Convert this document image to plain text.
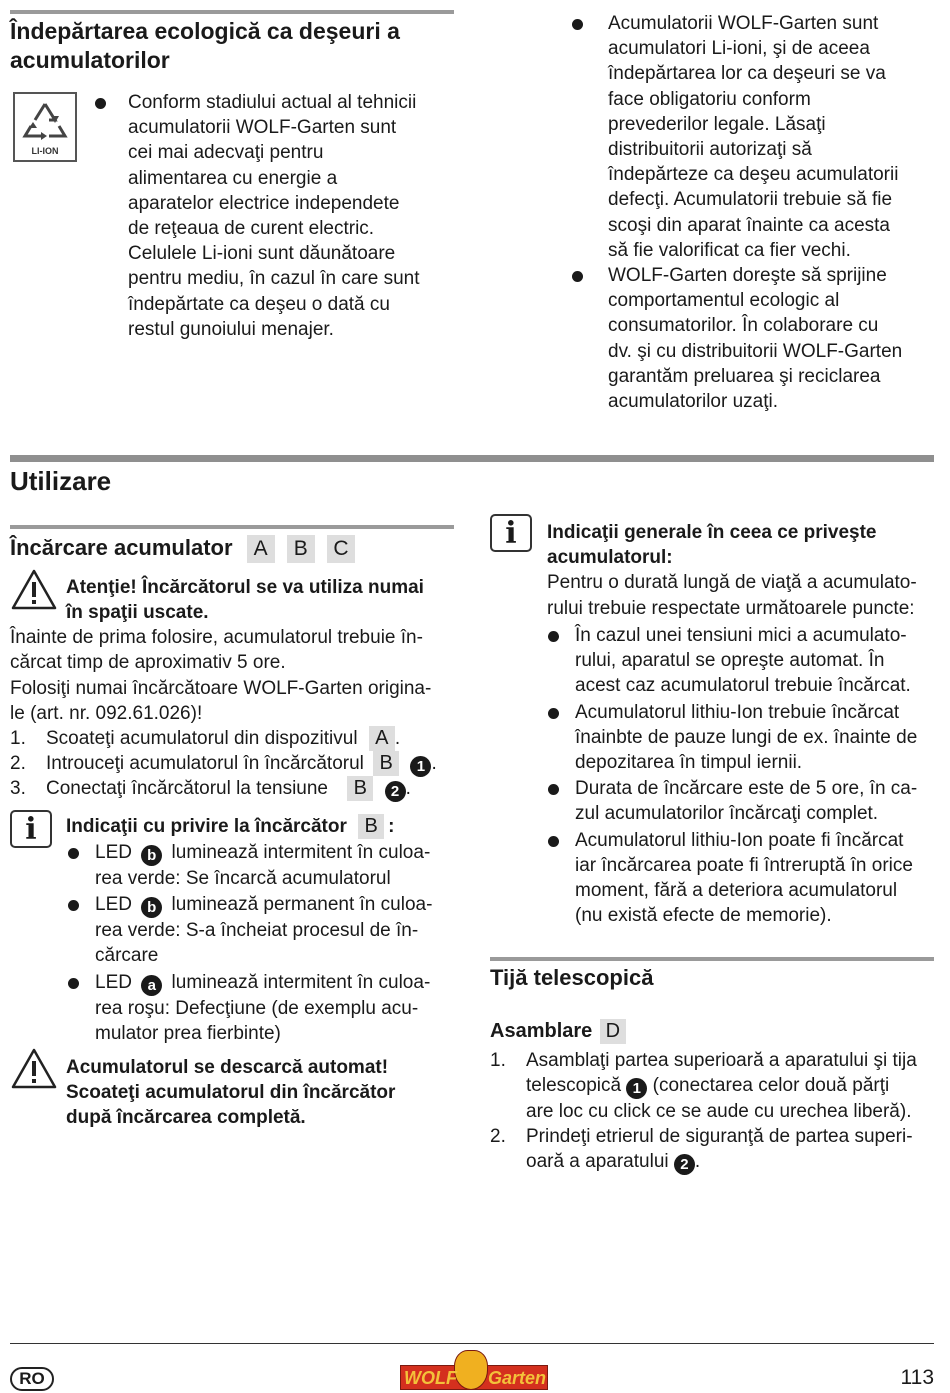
Îndepărtarea ecologică ca deşeuri a
acumulatorilor
LI-ION
Conform stadiului actual al tehnicii
acumulatorii WOLF-Garten sunt
cei mai adecvaţi pentru
alimentarea cu energie a
aparatelor electrice independete
de reţeaua de curent electric.
Celulele Li-ioni sunt dăunătoare
pentru mediu, în cazul în care sunt
îndepărtate ca deşeu o dată cu
restul gunoiului menajer.
Acumulatorii WOLF-Garten sunt
acumulatori Li-ioni, şi de aceea
îndepărtarea lor ca deşeuri se va
face obligatoriu conform
prevederilor legale. Lăsaţi
distribuitorii autorizaţi să
îndepărteze ca deşeu acumulatorii
defecţi. Acumulatorii trebuie să fie
scoşi din aparat înainte ca acesta
să fie valorificat ca fier vechi.
WOLF-Garten doreşte să sprijine
comportamentul ecologic al
consumatorilor. În colaborare cu
dv. şi cu distribuitorii WOLF-Garten
garantăm preluarea şi reciclarea
acumulatorilor uzaţi.
Utilizare
Încărcare acumulator A B C
Atenţie! Încărcătorul se va utiliza numai
în spaţii uscate.
Înainte de prima folosire, acumulatorul trebuie în-
cărcat timp de aproximativ 5 ore.
Folosiţi numai încărcătoare WOLF-Garten origina-
le (art. nr. 092.61.026)!
1. Scoateţi acumulatorul din dispozitivul A .
2. Introuceţi acumulatorul în încărcătorul B 1 .
3. Conectaţi încărcătorul la tensiune B 2 .
i	Indicaţii cu privire la încărcător B :
LED b luminează intermitent în culoa-
rea verde: Se încarcă acumulatorul
LED b luminează permanent în culoa-
rea verde: S-a încheiat procesul de în-
cărcare
LED a luminează intermitent în culoa-
rea roşu: Defecţiune (de exemplu acu-
mulator prea fierbinte)
Acumulatorul se descarcă automat!
Scoateţi acumulatorul din încărcător
după încărcarea completă.
i	Indicaţii generale în ceea ce priveşte
acumulatorul:
Pentru o durată lungă de viaţă a acumulato-
rului trebuie respectate următoarele puncte:
În cazul unei tensiuni mici a acumulato-
rului, aparatul se opreşte automat. În
acest caz acumulatorul trebuie încărcat.
Acumulatorul lithiu-Ion trebuie încărcat
înainbte de pauze lungi de ex. înainte de
depozitarea în timpul iernii.
Durata de încărcare este de 5 ore, în ca-
zul acumulatorilor încărcaţi complet.
Acumulatorul lithiu-Ion poate fi încărcat
iar încărcarea poate fi întreruptă în orice
moment, fără a deteriora acumulatorul
(nu există efecte de memorie).
Tijă telescopică
Asamblare D
1. Asamblaţi partea superioară a aparatului şi tija
telescopică 1 (conectarea celor două părţi
are loc cu click ce se aude cu urechea liberă).
2. Prindeţi etrierul de siguranţă de partea superi-
oară a aparatului 2 .
RO	WOLF Garten	113
